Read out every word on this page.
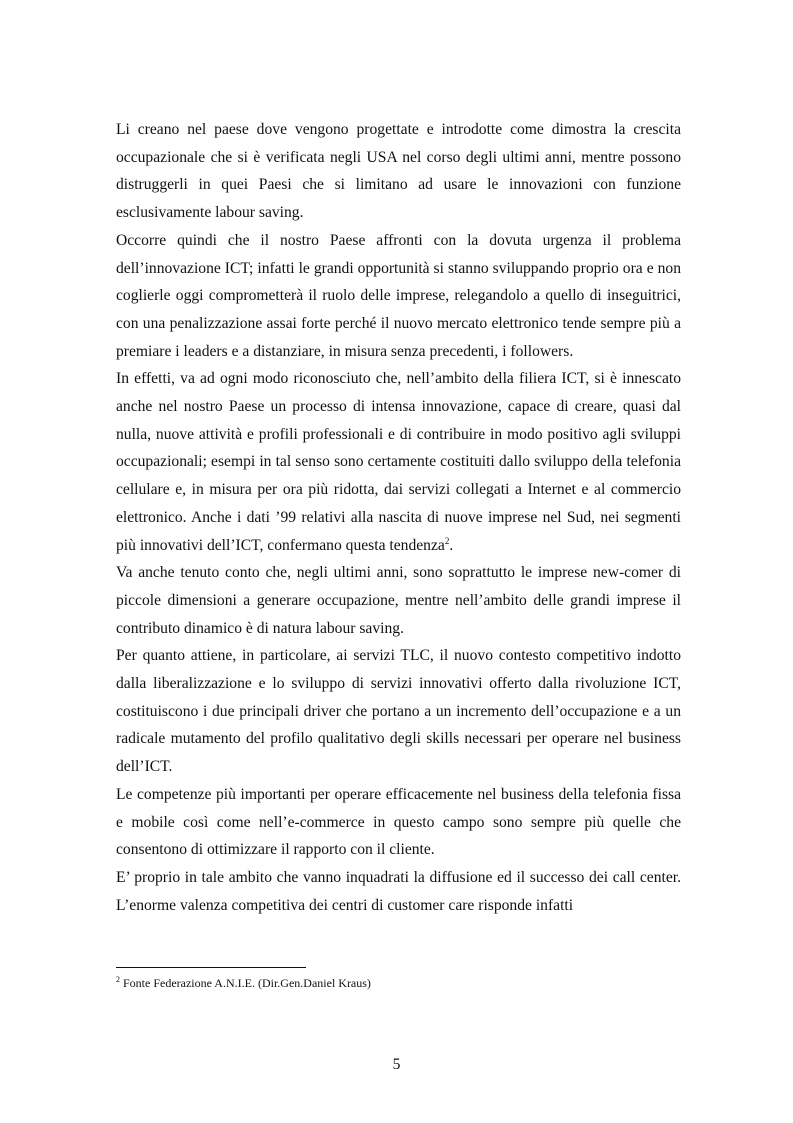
Li creano nel paese dove vengono progettate e introdotte come dimostra la crescita occupazionale che si è verificata negli USA nel corso degli ultimi anni, mentre possono distruggerli in quei Paesi che si limitano ad usare le innovazioni con funzione esclusivamente labour saving.

Occorre quindi che il nostro Paese affronti con la dovuta urgenza il problema dell’innovazione ICT; infatti le grandi opportunità si stanno sviluppando proprio ora e non coglierle oggi comprometterà il ruolo delle imprese, relegandolo a quello di inseguitrici, con una penalizzazione assai forte perché il nuovo mercato elettronico tende sempre più a premiare i leaders e a distanziare, in misura senza precedenti, i followers.

In effetti, va ad ogni modo riconosciuto che, nell’ambito della filiera ICT, si è innescato anche nel nostro Paese un processo di intensa innovazione, capace di creare, quasi dal nulla, nuove attività e profili professionali e di contribuire in modo positivo agli sviluppi occupazionali; esempi in tal senso sono certamente costituiti dallo sviluppo della telefonia cellulare e, in misura per ora più ridotta, dai servizi collegati a Internet e al commercio elettronico. Anche i dati ’99 relativi alla nascita di nuove imprese nel Sud, nei segmenti più innovativi dell’ICT, confermano questa tendenza$^2$.

Va anche tenuto conto che, negli ultimi anni, sono soprattutto le imprese new-comer di piccole dimensioni a generare occupazione, mentre nell’ambito delle grandi imprese il contributo dinamico è di natura labour saving.

Per quanto attiene, in particolare, ai servizi TLC, il nuovo contesto competitivo indotto dalla liberalizzazione e lo sviluppo di servizi innovativi offerto dalla rivoluzione ICT, costituiscono i due principali driver che portano a un incremento dell’occupazione e a un radicale mutamento del profilo qualitativo degli skills necessari per operare nel business dell’ICT.

Le competenze più importanti per operare efficacemente nel business della telefonia fissa e mobile così come nell’e-commerce in questo campo sono sempre più quelle che consentono di ottimizzare il rapporto con il cliente.

E’ proprio in tale ambito che vanno inquadrati la diffusione ed il successo dei call center. L’enorme valenza competitiva dei centri di customer care risponde infatti

$^2$ Fonte Federazione A.N.I.E. (Dir.Gen.Daniel Kraus)
5
